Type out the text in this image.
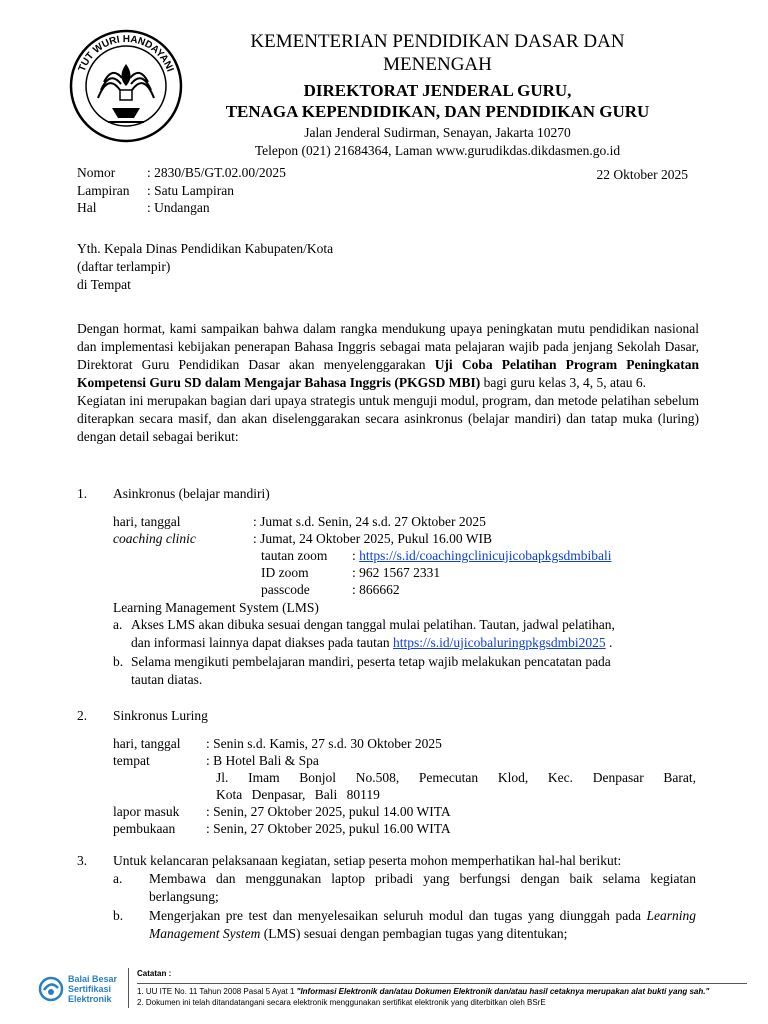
TUT WURI HANDAYANI
KEMENTERIAN PENDIDIKAN DASAR DAN
MENENGAH
DIREKTORAT JENDERAL GURU,
TENAGA KEPENDIDIKAN, DAN PENDIDIKAN GURU
Jalan Jenderal Sudirman, Senayan, Jakarta 10270
Telepon (021) 21684364, Laman www.gurudikdas.dikdasmen.go.id
Nomor : 2830/B5/GT.02.00/2025
Lampiran : Satu Lampiran
Hal	: Undangan
22 Oktober 2025
Yth. Kepala Dinas Pendidikan Kabupaten/Kota
(daftar terlampir)
di Tempat
Dengan hormat, kami sampaikan bahwa dalam rangka mendukung upaya peningkatan mutu pendidikan nasional dan implementasi kebijakan penerapan Bahasa Inggris sebagai mata pelajaran wajib pada jenjang Sekolah Dasar, Direktorat Guru Pendidikan Dasar akan menyelenggarakan Uji Coba Pelatihan Program Peningkatan Kompetensi Guru SD dalam Mengajar Bahasa Inggris (PKGSD MBI) bagi guru kelas 3, 4, 5, atau 6.
Kegiatan ini merupakan bagian dari upaya strategis untuk menguji modul, program, dan metode pelatihan sebelum diterapkan secara masif, dan akan diselenggarakan secara asinkronus (belajar mandiri) dan tatap muka (luring) dengan detail sebagai berikut:
1. Asinkronus (belajar mandiri)
hari, tanggal	: Jumat s.d. Senin, 24 s.d. 27 Oktober 2025
coaching clinic	: Jumat, 24 Oktober 2025, Pukul 16.00 WIB
tautan zoom : https://s.id/coachingclinicujicobapkgsdmbibali
ID zoom	: 962 1567 2331
passcode	: 866662
Learning Management System (LMS)
a. Akses LMS akan dibuka sesuai dengan tanggal mulai pelatihan. Tautan, jadwal pelatihan,
dan informasi lainnya dapat diakses pada tautan https://s.id/ujicobaluringpkgsdmbi2025 .
b. Selama mengikuti pembelajaran mandiri, peserta tetap wajib melakukan pencatatan pada
tautan diatas.
2. Sinkronus Luring
hari, tanggal : Senin s.d. Kamis, 27 s.d. 30 Oktober 2025
tempat	: B Hotel Bali & Spa
Jl. Imam Bonjol No.508, Pemecutan Klod, Kec. Denpasar Barat,
Kota Denpasar, Bali 80119
lapor masuk : Senin, 27 Oktober 2025, pukul 14.00 WITA
pembukaan : Senin, 27 Oktober 2025, pukul 16.00 WITA
3. Untuk kelancaran pelaksanaan kegiatan, setiap peserta mohon memperhatikan hal-hal berikut:
a. Membawa dan menggunakan laptop pribadi yang berfungsi dengan baik selama kegiatan berlangsung;
b. Mengerjakan pre test dan menyelesaikan seluruh modul dan tugas yang diunggah pada Learning Management System (LMS) sesuai dengan pembagian tugas yang ditentukan;
Balai Besar
Sertifikasi
Elektronik
Catatan :
1. UU ITE No. 11 Tahun 2008 Pasal 5 Ayat 1 "Informasi Elektronik dan/atau Dokumen Elektronik dan/atau hasil cetaknya merupakan alat bukti yang sah."
2. Dokumen ini telah ditandatangani secara elektronik menggunakan sertifikat elektronik yang diterbitkan oleh BSrE
